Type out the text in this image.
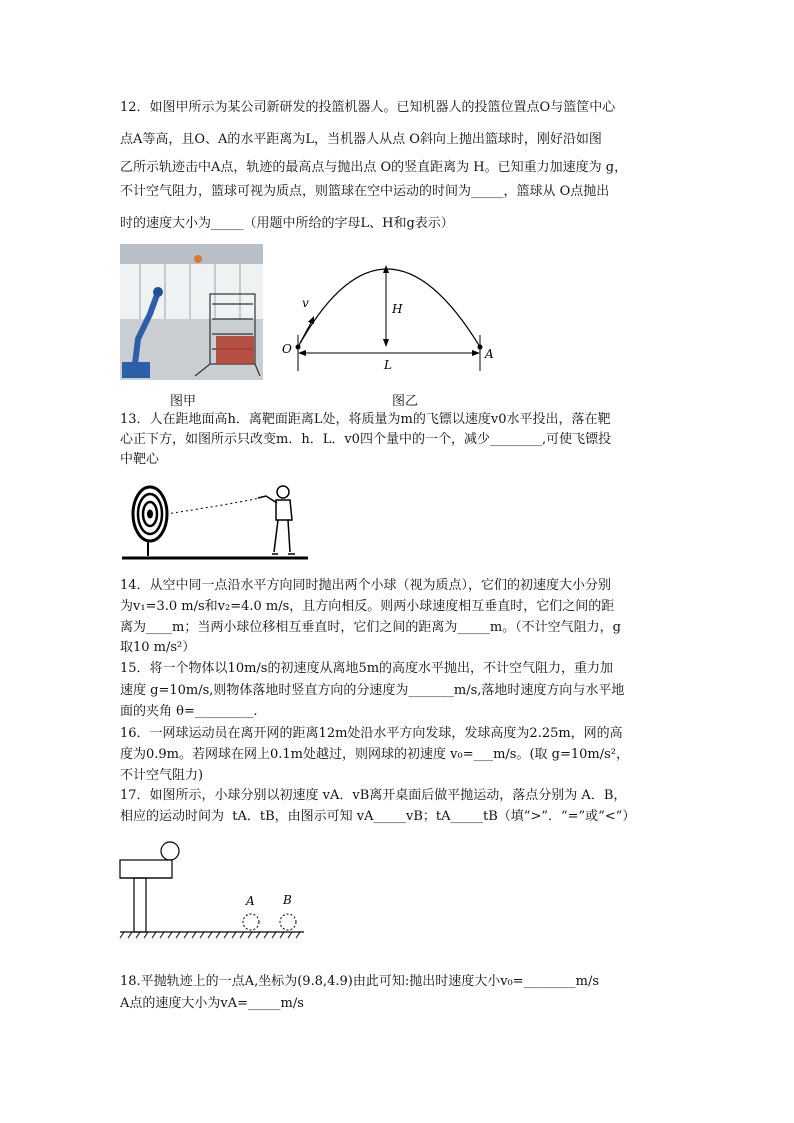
12．如图甲所示为某公司新研发的投篮机器人。已知机器人的投篮位置点O与篮筐中心
点A等高，且O、A的水平距离为L，当机器人从点 O斜向上抛出篮球时，刚好沿如图
乙所示轨迹击中A点，轨迹的最高点与抛出点 O的竖直距离为 H。已知重力加速度为 g，
不计空气阻力，篮球可视为质点，则篮球在空中运动的时间为_____，篮球从 O点抛出
时的速度大小为_____（用题中所给的字母L、H和g表示）
图甲
v	H
O
L
A
图乙
13．人在距地面高h．离靶面距离L处，将质量为m的飞镖以速度v0水平投出，落在靶
心正下方，如图所示只改变m．h．L．v0四个量中的一个，减少________,可使飞镖投
中靶心
14．从空中同一点沿水平方向同时抛出两个小球（视为质点），它们的初速度大小分别
为v₁=3.0 m/s和v₂=4.0 m/s，且方向相反。则两小球速度相互垂直时，它们之间的距
离为____m；当两小球位移相互垂直时，它们之间的距离为_____m。（不计空气阻力，g
取10 m/s²）
15．将一个物体以10m/s的初速度从离地5m的高度水平抛出，不计空气阻力，重力加
速度 g=10m/s,则物体落地时竖直方向的分速度为_______m/s,落地时速度方向与水平地
面的夹角 θ=_________.
16．一网球运动员在离开网的距离12m处沿水平方向发球，发球高度为2.25m，网的高
度为0.9m。若网球在网上0.1m处越过，则网球的初速度 v₀=___m/s。(取 g=10m/s²，
不计空气阻力)
17．如图所示，小球分别以初速度 vA．vB离开桌面后做平抛运动，落点分别为 A．B，
相应的运动时间为  tA．tB，由图示可知 vA_____vB；tA_____tB（填“>”．“=”或“<”）
A B
18.平抛轨迹上的一点A,坐标为(9.8,4.9)由此可知:抛出时速度大小v₀=________m/s
A点的速度大小为vA=_____m/s
